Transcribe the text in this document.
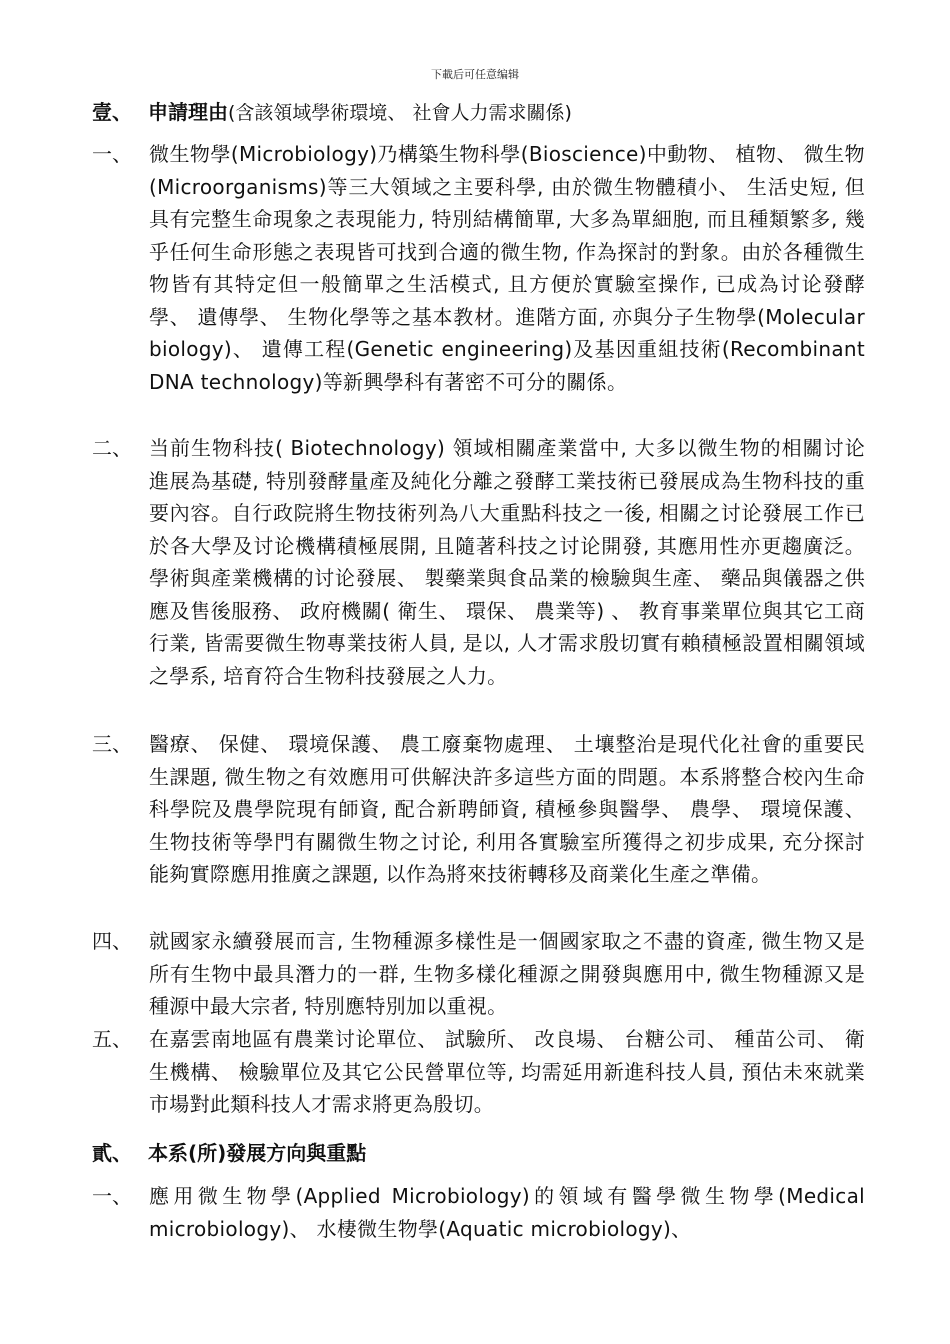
下載后可任意编辑
壹、 申請理由(含該領域學術環境、 社會人力需求關係)
一、 微生物學(Microbiology)乃構築生物科學(Bioscience)中動物、 植物、 微生物(Microorganisms)等三大領域之主要科學, 由於微生物體積小、 生活史短, 但具有完整生命現象之表現能力, 特別結構簡單, 大多為單細胞, 而且種類繁多, 幾乎任何生命形態之表現皆可找到合適的微生物, 作為探討的對象。由於各種微生物皆有其特定但一般簡單之生活模式, 且方便於實驗室操作, 已成為讨论發酵學、 遺傳學、 生物化學等之基本教材。進階方面, 亦與分子生物學(Molecular biology)、 遺傳工程(Genetic engineering)及基因重組技術(Recombinant DNA technology)等新興學科有著密不可分的關係。
二、 当前生物科技( Biotechnology) 領域相關產業當中, 大多以微生物的相關讨论進展為基礎, 特別發酵量產及純化分離之發酵工業技術已發展成為生物科技的重要內容。自行政院將生物技術列為八大重點科技之一後, 相關之讨论發展工作已於各大學及讨论機構積極展開, 且隨著科技之讨论開發, 其應用性亦更趨廣泛。學術與產業機構的讨论發展、 製藥業與食品業的檢驗與生產、 藥品與儀器之供應及售後服務、 政府機關( 衛生、 環保、 農業等) 、 教育事業單位與其它工商行業, 皆需要微生物專業技術人員, 是以, 人才需求殷切實有賴積極設置相關領域之學系, 培育符合生物科技發展之人力。
三、 醫療、 保健、 環境保護、 農工廢棄物處理、 土壤整治是現代化社會的重要民生課題, 微生物之有效應用可供解決許多這些方面的問題。本系將整合校內生命科學院及農學院現有師資, 配合新聘師資, 積極參與醫學、 農學、 環境保護、 生物技術等學門有關微生物之讨论, 利用各實驗室所獲得之初步成果, 充分探討能夠實際應用推廣之課題, 以作為將來技術轉移及商業化生產之準備。
四、 就國家永續發展而言, 生物種源多樣性是一個國家取之不盡的資產, 微生物又是所有生物中最具潛力的一群, 生物多樣化種源之開發與應用中, 微生物種源又是種源中最大宗者, 特別應特別加以重視。
五、 在嘉雲南地區有農業讨论單位、 試驗所、 改良場、 台糖公司、 種苗公司、 衛生機構、 檢驗單位及其它公民營單位等, 均需延用新進科技人員, 預估未來就業市場對此類科技人才需求將更為殷切。
貳、 本系(所)發展方向與重點
一、 應用微生物學(Applied Microbiology)的領域有醫學微生物學(Medical microbiology)、 水棲微生物學(Aquatic microbiology)、
